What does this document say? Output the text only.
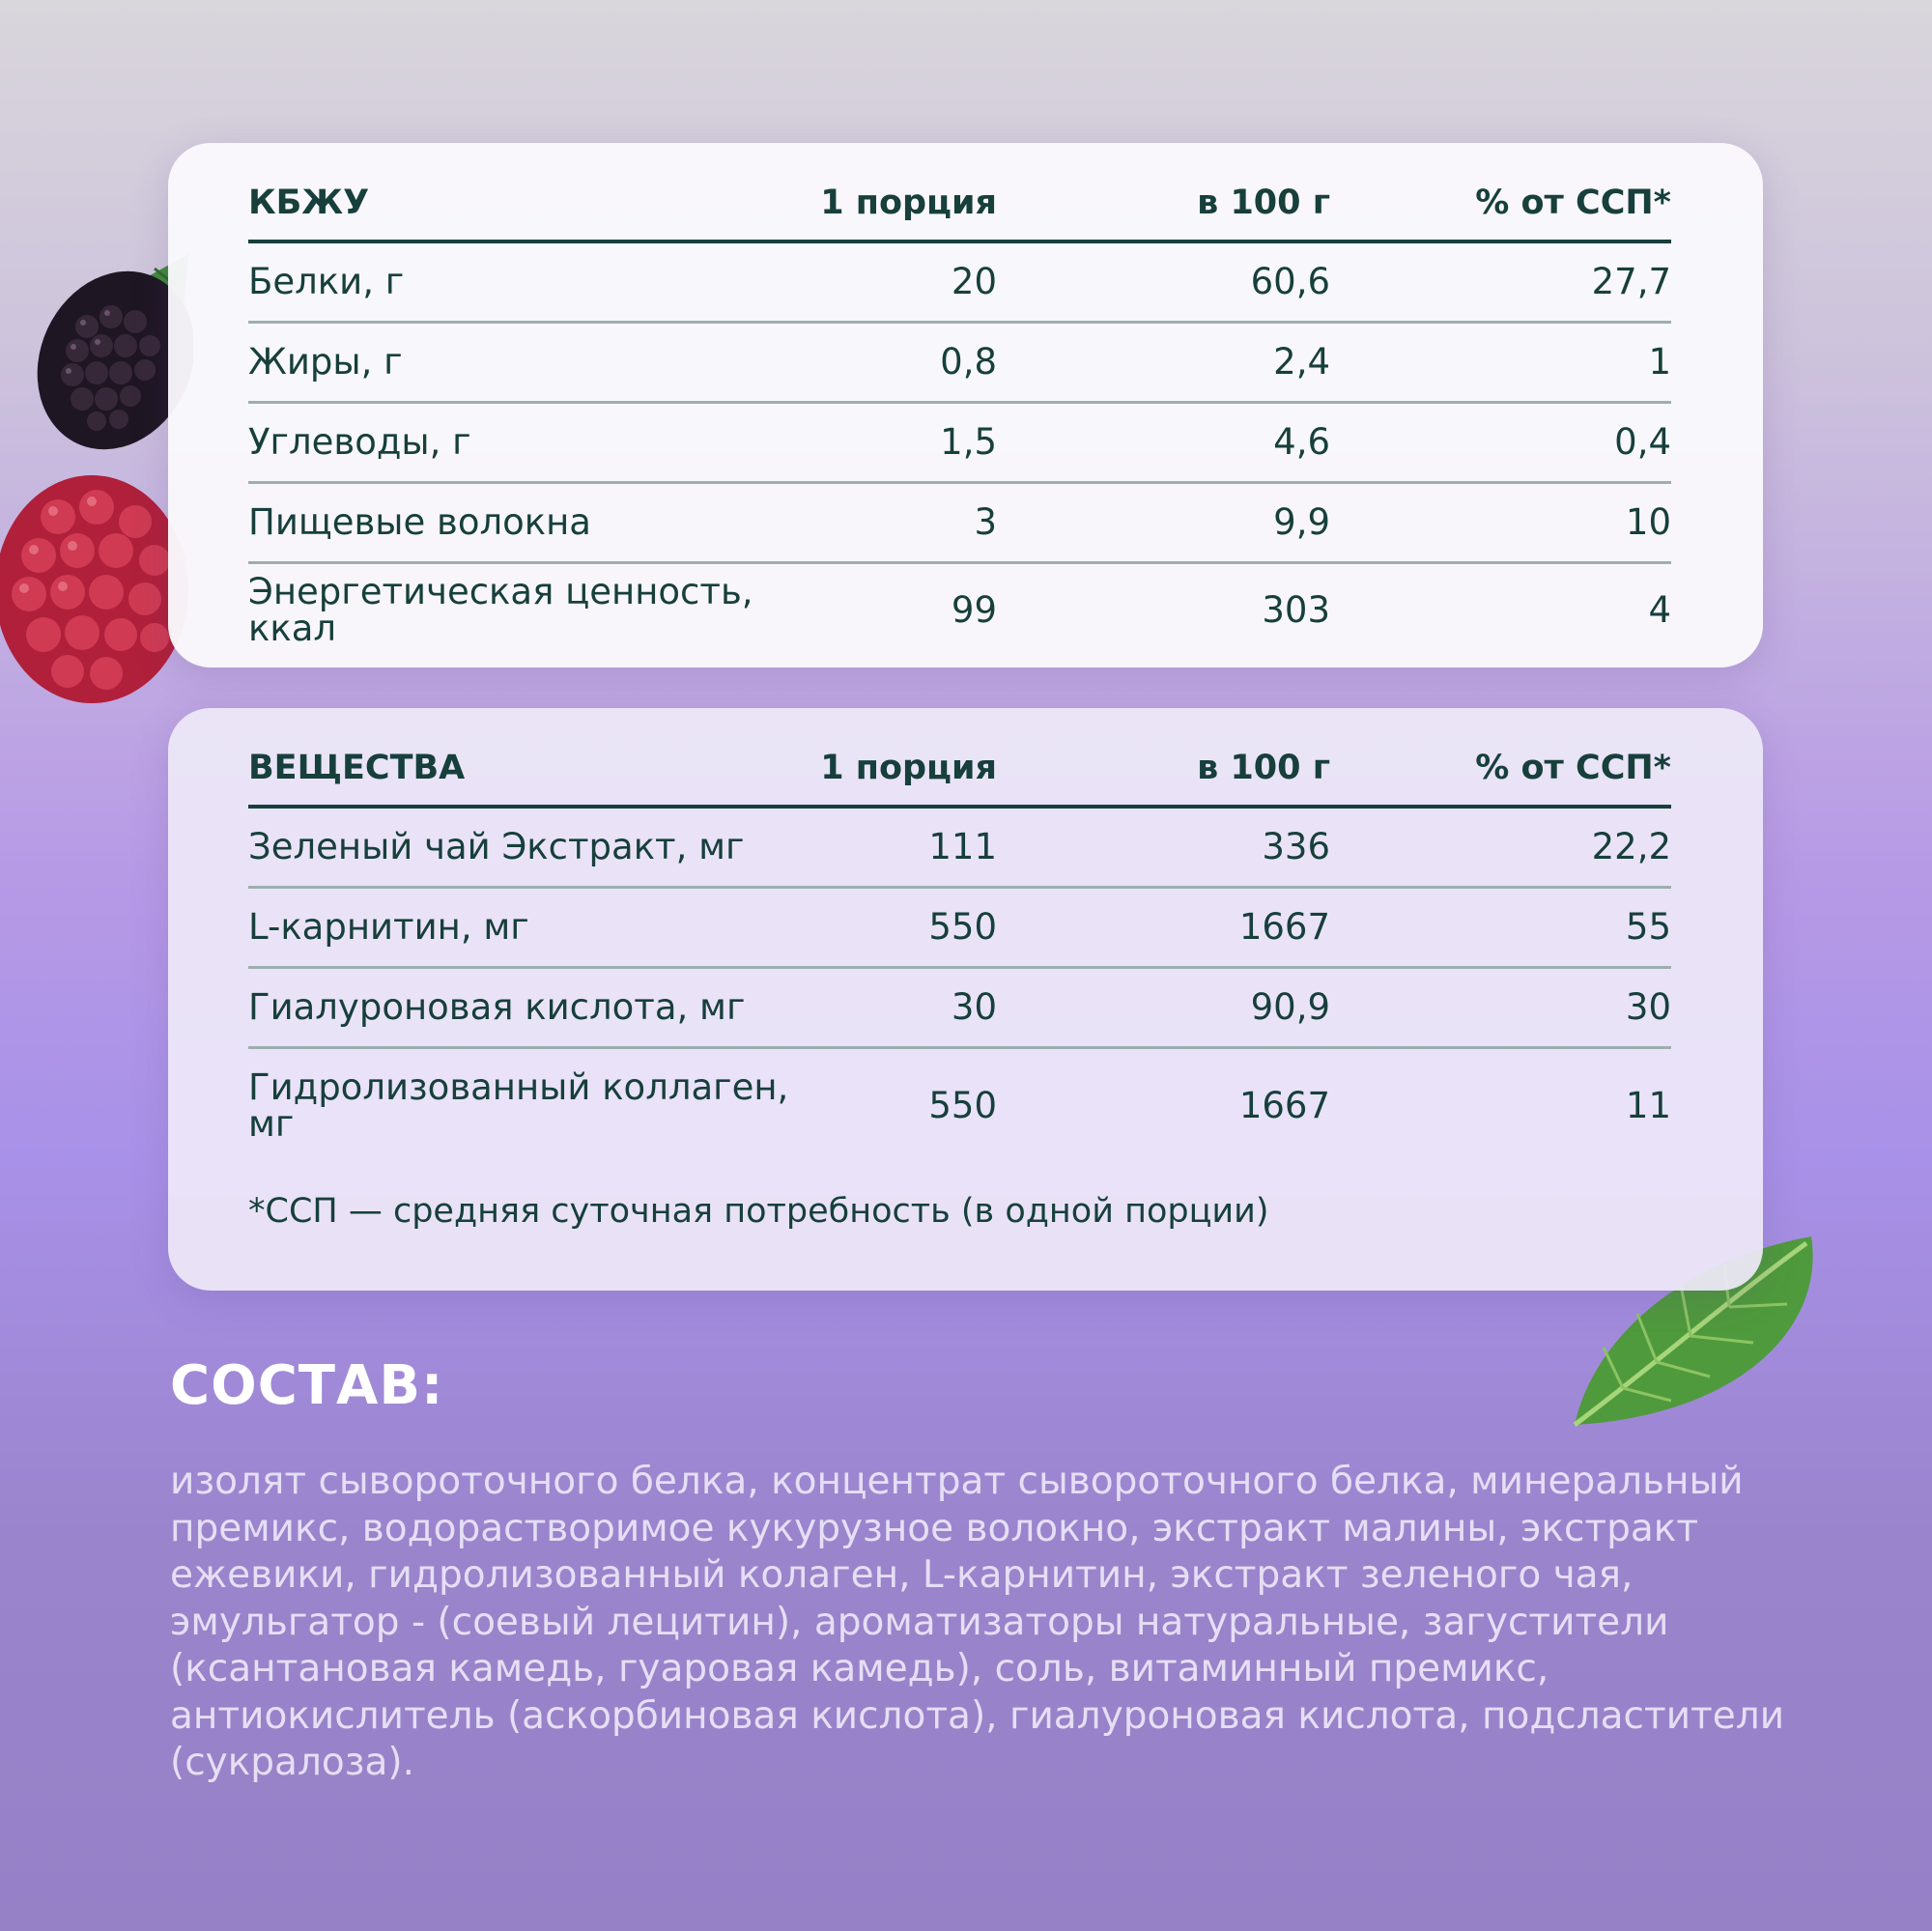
КБЖУ	1 порция	в 100 г	% от ССП*
Белки, г	20	60,6	27,7
Жиры, г	0,8	2,4	1
Углеводы, г	1,5	4,6	0,4
Пищевые волокна	3	9,9	10
Энергетическая ценность, ккал	99	303	4
ВЕЩЕСТВА	1 порция	в 100 г	% от ССП*
Зеленый чай Экстракт, мг	111	336	22,2
L-карнитин, мг	550	1667	55
Гиалуроновая кислота, мг	30	90,9	30
Гидролизованный коллаген, мг	550	1667	11
*ССП — средняя суточная потребность (в одной порции)
СОСТАВ:

изолят сывороточного белка, концентрат сывороточного белка, минеральный премикс, водорастворимое кукурузное волокно, экстракт малины, экстракт ежевики, гидролизованный колаген, L-карнитин, экстракт зеленого чая, эмульгатор - (соевый лецитин), ароматизаторы натуральные, загустители (ксантановая камедь, гуаровая камедь), соль, витаминный премикс, антиокислитель (аскорбиновая кислота), гиалуроновая кислота, подсластители (сукралоза).
